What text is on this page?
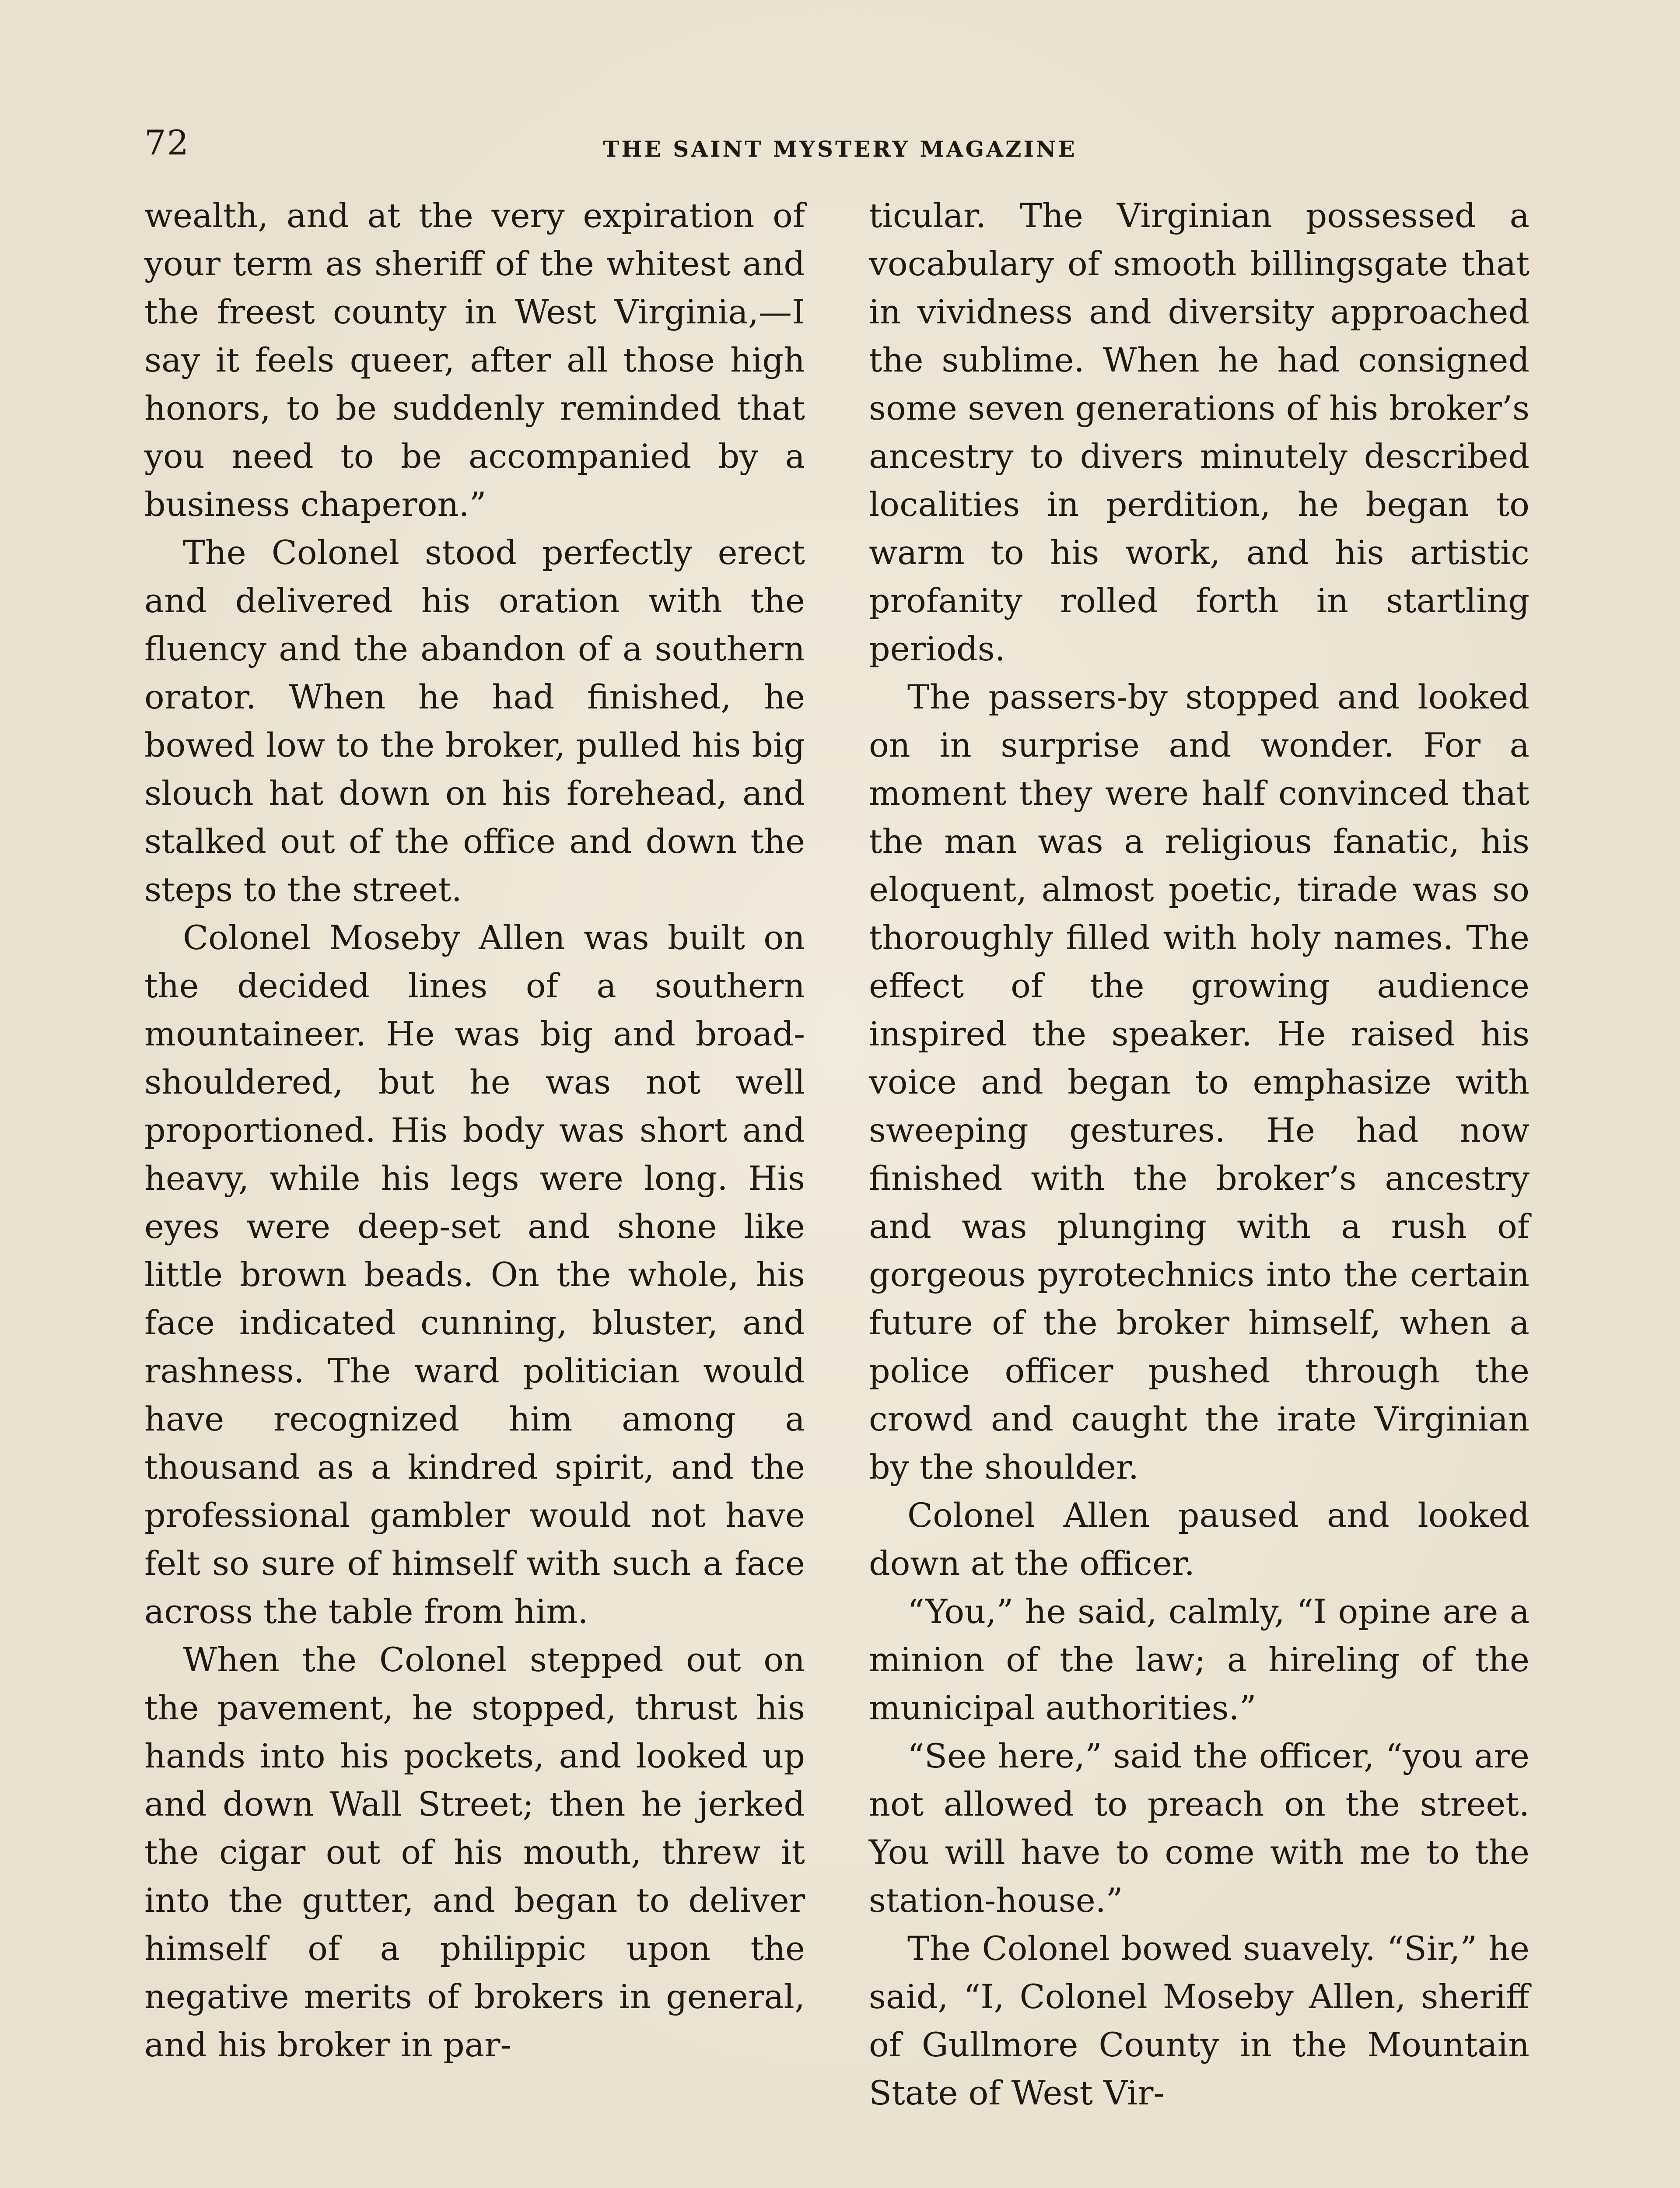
72	THE SAINT MYSTERY MAGAZINE

wealth, and at the very expiration of your term as sheriff of the whitest and the freest county in West Virginia,—I say it feels queer, after all those high honors, to be suddenly reminded that you need to be accompanied by a business chaperon.”

The Colonel stood perfectly erect and delivered his oration with the fluency and the abandon of a southern orator. When he had finished, he bowed low to the broker, pulled his big slouch hat down on his forehead, and stalked out of the office and down the steps to the street.

Colonel Moseby Allen was built on the decided lines of a southern mountaineer. He was big and broad-shouldered, but he was not well proportioned. His body was short and heavy, while his legs were long. His eyes were deep-set and shone like little brown beads. On the whole, his face indicated cunning, bluster, and rashness. The ward politician would have recognized him among a thousand as a kindred spirit, and the professional gambler would not have felt so sure of himself with such a face across the table from him.

When the Colonel stepped out on the pavement, he stopped, thrust his hands into his pockets, and looked up and down Wall Street; then he jerked the cigar out of his mouth, threw it into the gutter, and began to deliver himself of a philippic upon the negative merits of brokers in general, and his broker in par-

ticular. The Virginian possessed a vocabulary of smooth billingsgate that in vividness and diversity approached the sublime. When he had consigned some seven generations of his broker’s ancestry to divers minutely described localities in perdition, he began to warm to his work, and his artistic profanity rolled forth in startling periods.

The passers-by stopped and looked on in surprise and wonder. For a moment they were half convinced that the man was a religious fanatic, his eloquent, almost poetic, tirade was so thoroughly filled with holy names. The effect of the growing audience inspired the speaker. He raised his voice and began to emphasize with sweeping gestures. He had now finished with the broker’s ancestry and was plunging with a rush of gorgeous pyrotechnics into the certain future of the broker himself, when a police officer pushed through the crowd and caught the irate Virginian by the shoulder.

Colonel Allen paused and looked down at the officer.

“You,” he said, calmly, “I opine are a minion of the law; a hireling of the municipal authorities.”

“See here,” said the officer, “you are not allowed to preach on the street. You will have to come with me to the station-house.”

The Colonel bowed suavely. “Sir,” he said, “I, Colonel Moseby Allen, sheriff of Gullmore County in the Mountain State of West Vir-
